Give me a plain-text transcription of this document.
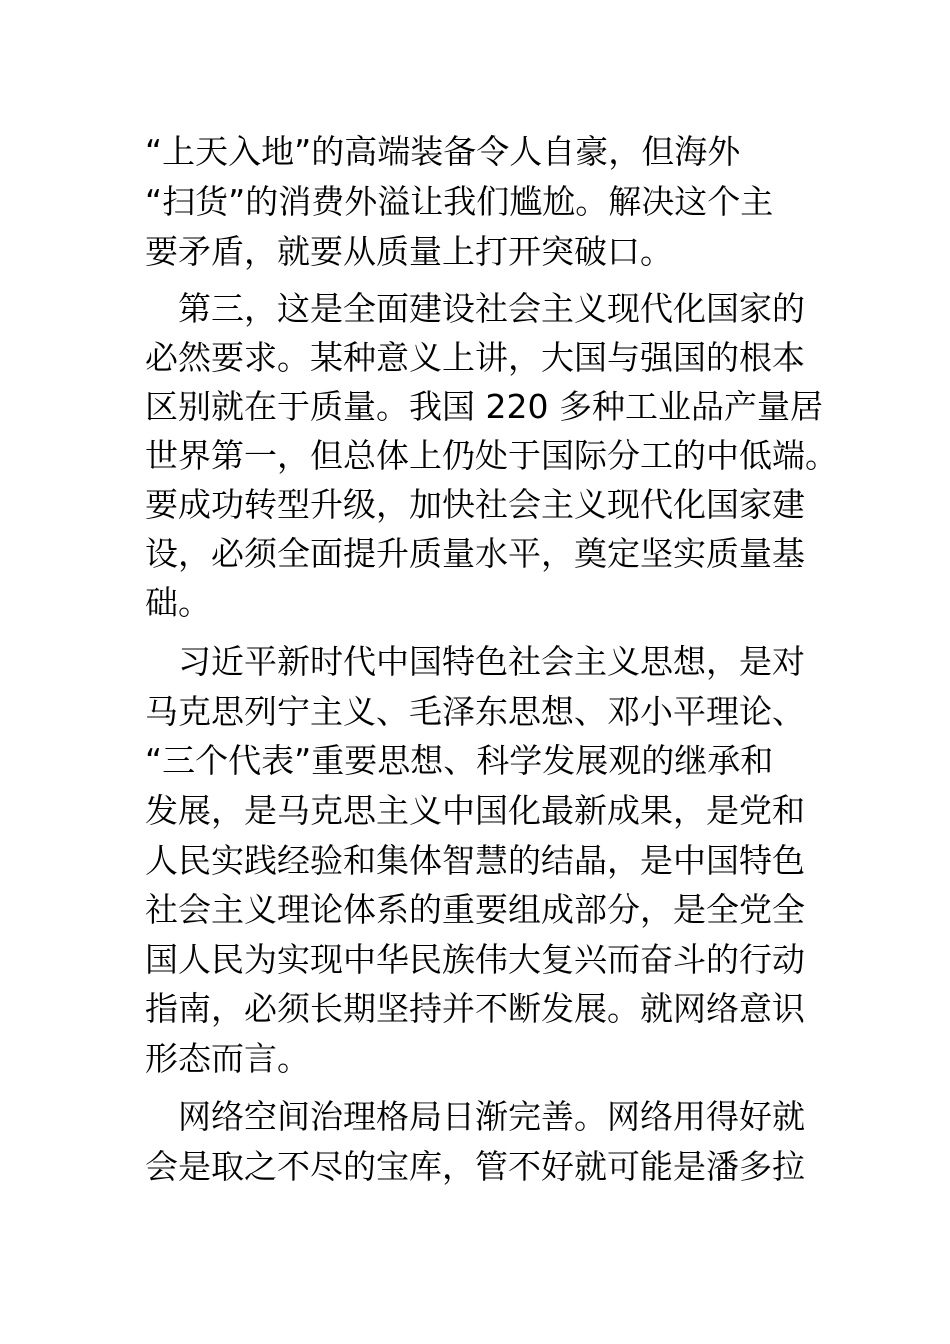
“上天入地”的高端装备令人自豪，但海外
“扫货”的消费外溢让我们尴尬。解决这个主
要矛盾，就要从质量上打开突破口。
第三，这是全面建设社会主义现代化国家的
必然要求。某种意义上讲，大国与强国的根本
区别就在于质量。我国 220 多种工业品产量居
世界第一，但总体上仍处于国际分工的中低端。
要成功转型升级，加快社会主义现代化国家建
设，必须全面提升质量水平，奠定坚实质量基
础。
习近平新时代中国特色社会主义思想，是对
马克思列宁主义、毛泽东思想、邓小平理论、
“三个代表”重要思想、科学发展观的继承和
发展，是马克思主义中国化最新成果，是党和
人民实践经验和集体智慧的结晶，是中国特色
社会主义理论体系的重要组成部分，是全党全
国人民为实现中华民族伟大复兴而奋斗的行动
指南，必须长期坚持并不断发展。就网络意识
形态而言。
网络空间治理格局日渐完善。网络用得好就
会是取之不尽的宝库，管不好就可能是潘多拉
